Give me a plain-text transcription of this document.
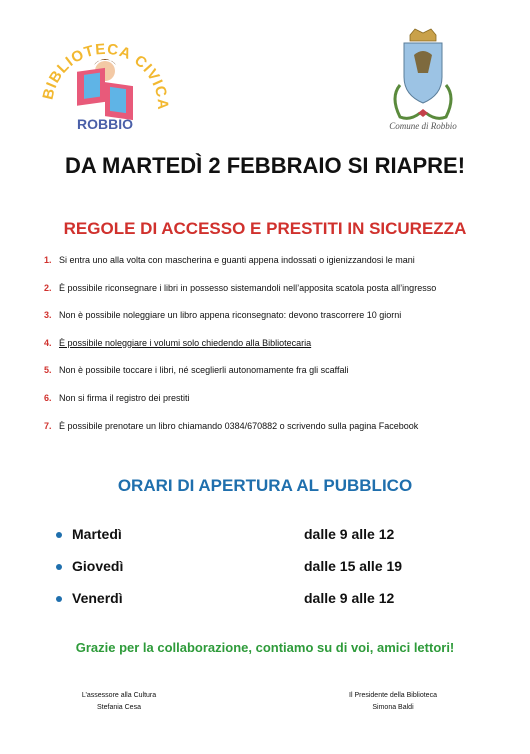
BIBLIOTECA CIVICA
ROBBIO	Comune di Robbio
DA MARTEDÌ 2 FEBBRAIO SI RIAPRE!
REGOLE DI ACCESSO E PRESTITI IN SICUREZZA
1. Si entra uno alla volta con mascherina e guanti appena indossati o igienizzandosi le mani
2. È possibile riconsegnare i libri in possesso sistemandoli nell’apposita scatola posta all’ingresso
3. Non è possibile noleggiare un libro appena riconsegnato: devono trascorrere 10 giorni
4. È possibile noleggiare i volumi solo chiedendo alla Bibliotecaria
5. Non è possibile toccare i libri, né sceglierli autonomamente fra gli scaffali
6. Non si firma il registro dei prestiti
7. È possibile prenotare un libro chiamando 0384/670882 o scrivendo sulla pagina Facebook
ORARI DI APERTURA AL PUBBLICO
Martedì	dalle 9 alle 12
Giovedì	dalle 15 alle 19
Venerdì	dalle 9 alle 12
Grazie per la collaborazione, contiamo su di voi, amici lettori!
L’assessore alla Cultura
Stefania Cesa
Il Presidente della Biblioteca
Simona Baldi
